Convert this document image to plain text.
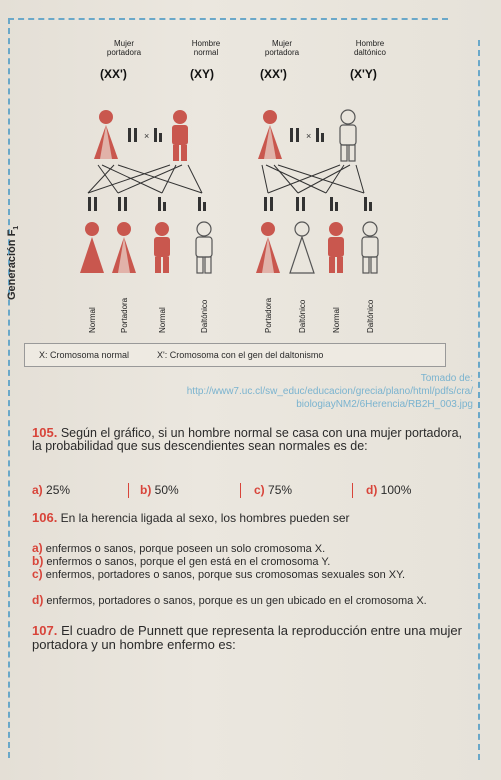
Mujer
portadora
Hombre
normal
Mujer
portadora
Hombre
daltónico
(XX')	(XY)	(XX')	(X'Y)
×	×
Normal	Portadora	Normal	Daltónico	Portadora	Daltónico	Normal	Daltónico
Generación $F_1$
X: Cromosoma normal	X': Cromosoma con el gen del daltonismo
Tomado de:
http://www7.uc.cl/sw_educ/educacion/grecia/plano/html/pdfs/cra/
biologiayNM2/6Herencia/RB2H_003.jpg
105. Según el gráfico, si un hombre normal se casa con una mujer portadora, la probabilidad que sus descendientes sean normales es de:
a) 25%	b) 50%	c) 75%	d) 100%
106. En la herencia ligada al sexo, los hombres pueden ser
a) enfermos o sanos, porque poseen un solo cromosoma X.
b) enfermos o sanos, porque el gen está en el cromosoma Y.
c) enfermos, portadores o sanos, porque sus cromosomas sexuales son XY.
d) enfermos, portadores o sanos, porque es un gen ubicado en el cromosoma X.
107. El cuadro de Punnett que representa la reproducción entre una mujer portadora y un hombre enfermo es:
